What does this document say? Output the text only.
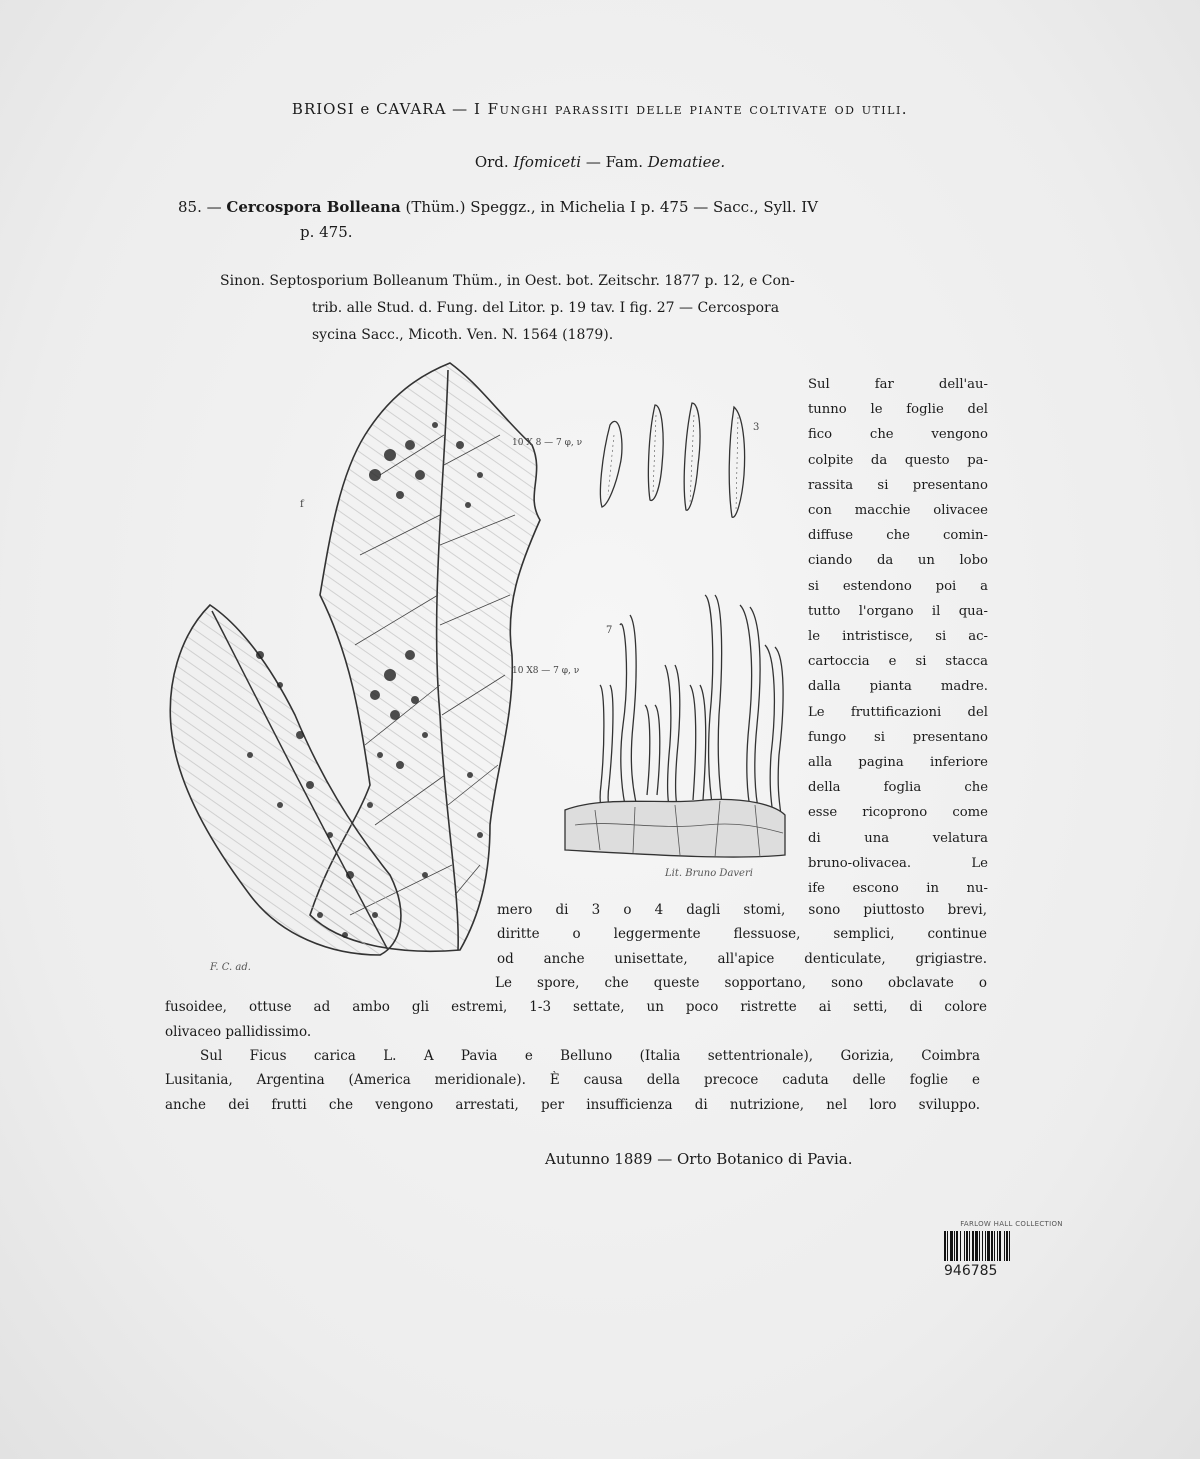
BRIOSI e CAVARA — I Funghi parassiti delle piante coltivate od utili.
Ord. Ifomiceti — Fam. Dematiee.
85. — Cercospora Bolleana (Thüm.) Speggz., in Michelia I p. 475 — Sacc., Syll. IV
p. 475.
Sinon. Septosporium Bolleanum Thüm., in Oest. bot. Zeitschr. 1877 p. 12, e Con-
trib. alle Stud. d. Fung. del Litor. p. 19 tav. I fig. 27 — Cercospora
sycina Sacc., Micoth. Ven. N. 1564 (1879).
f
10 X 8 — 7 φ, ν
3
10 X8 — 7 φ, ν
7
F. C. ad.
Lit. Bruno Daveri
Sul far dell'au-
tunno le foglie del
fico che vengono
colpite da questo pa-
rassita si presentano
con macchie olivacee
diffuse che comin-
ciando da un lobo
si estendono poi a
tutto l'organo il qua-
le intristisce, si ac-
cartoccia e si stacca
dalla pianta madre.
Le fruttificazioni del
fungo si presentano
alla pagina inferiore
della foglia che
esse ricoprono come
di una velatura
bruno-olivacea. Le
ife escono in nu-
mero di 3 o 4 dagli stomi, sono piuttosto brevi,
diritte o leggermente flessuose, semplici, continue
od anche unisettate, all'apice denticulate, grigiastre.
Le spore, che queste sopportano, sono obclavate o
fusoidee, ottuse ad ambo gli estremi, 1-3 settate, un poco ristrette ai setti, di colore
olivaceo pallidissimo.
Sul Ficus carica L. A Pavia e Belluno (Italia settentrionale), Gorizia, Coimbra
Lusitania, Argentina (America meridionale). È causa della precoce caduta delle foglie e
anche dei frutti che vengono arrestati, per insufficienza di nutrizione, nel loro sviluppo.
Autunno 1889 — Orto Botanico di Pavia.
FARLOW HALL COLLECTION
946785
